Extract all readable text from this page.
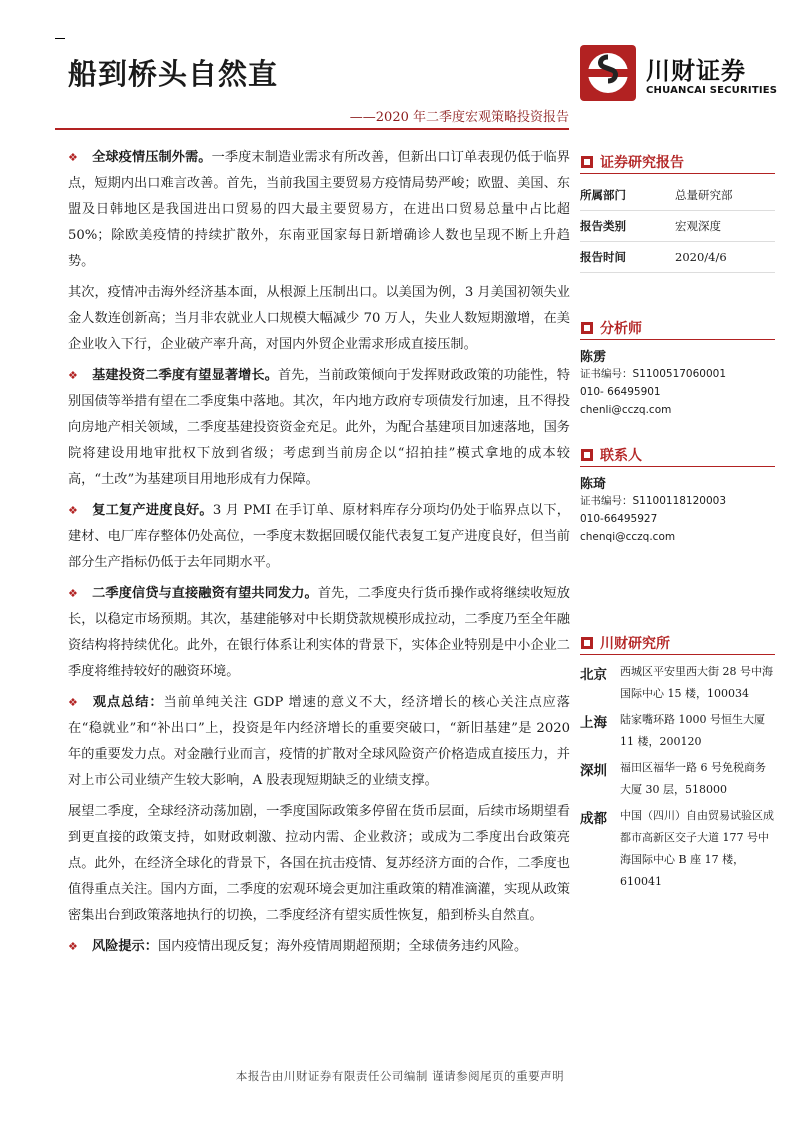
船到桥头自然直
——2020 年二季度宏观策略投资报告
川财证券
CHUANCAI SECURITIES

❖ 全球疫情压制外需。一季度末制造业需求有所改善，但新出口订单表现仍低于临界点，短期内出口难言改善。首先，当前我国主要贸易方疫情局势严峻；欧盟、美国、东盟及日韩地区是我国进出口贸易的四大最主要贸易方，在进出口贸易总量中占比超 50%；除欧美疫情的持续扩散外，东南亚国家每日新增确诊人数也呈现不断上升趋势。

其次，疫情冲击海外经济基本面，从根源上压制出口。以美国为例，3 月美国初领失业金人数连创新高；当月非农就业人口规模大幅减少 70 万人，失业人数短期激增，在美企业收入下行，企业破产率升高，对国内外贸企业需求形成直接压制。

❖ 基建投资二季度有望显著增长。首先，当前政策倾向于发挥财政政策的功能性，特别国债等举措有望在二季度集中落地。其次，年内地方政府专项债发行加速，且不得投向房地产相关领域，二季度基建投资资金充足。此外，为配合基建项目加速落地，国务院将建设用地审批权下放到省级；考虑到当前房企以“招拍挂”模式拿地的成本较高，“土改”为基建项目用地形成有力保障。

❖ 复工复产进度良好。3 月 PMI 在手订单、原材料库存分项均仍处于临界点以下，建材、电厂库存整体仍处高位，一季度末数据回暖仅能代表复工复产进度良好，但当前部分生产指标仍低于去年同期水平。

❖ 二季度信贷与直接融资有望共同发力。首先，二季度央行货币操作或将继续收短放长，以稳定市场预期。其次，基建能够对中长期贷款规模形成拉动，二季度乃至全年融资结构将持续优化。此外，在银行体系让利实体的背景下，实体企业特别是中小企业二季度将维持较好的融资环境。

❖ 观点总结：当前单纯关注 GDP 增速的意义不大，经济增长的核心关注点应落在“稳就业”和“补出口”上，投资是年内经济增长的重要突破口，“新旧基建”是 2020 年的重要发力点。对金融行业而言，疫情的扩散对全球风险资产价格造成直接压力，并对上市公司业绩产生较大影响，A 股表现短期缺乏的业绩支撑。

展望二季度，全球经济动荡加剧，一季度国际政策多停留在货币层面，后续市场期望看到更直接的政策支持，如财政刺激、拉动内需、企业救济；或成为二季度出台政策亮点。此外，在经济全球化的背景下，各国在抗击疫情、复苏经济方面的合作，二季度也值得重点关注。国内方面，二季度的宏观环境会更加注重政策的精准滴灌，实现从政策密集出台到政策落地执行的切换，二季度经济有望实质性恢复，船到桥头自然直。

❖ 风险提示：国内疫情出现反复；海外疫情周期超预期；全球债务违约风险。

证券研究报告
所属部门	总量研究部
报告类别	宏观深度
报告时间	2020/4/6
分析师
陈雳
证书编号：S1100517060001
010- 66495901
chenli@cczq.com
联系人
陈琦
证书编号：S1100118120003
010-66495927
chenqi@cczq.com
川财研究所
北京	西城区平安里西大街 28 号中海国际中心 15 楼，100034
上海	陆家嘴环路 1000 号恒生大厦 11 楼，200120
深圳	福田区福华一路 6 号免税商务大厦 30 层，518000
成都	中国（四川）自由贸易试验区成都市高新区交子大道 177 号中海国际中心 B 座 17 楼，610041
本报告由川财证券有限责任公司编制 谨请参阅尾页的重要声明
